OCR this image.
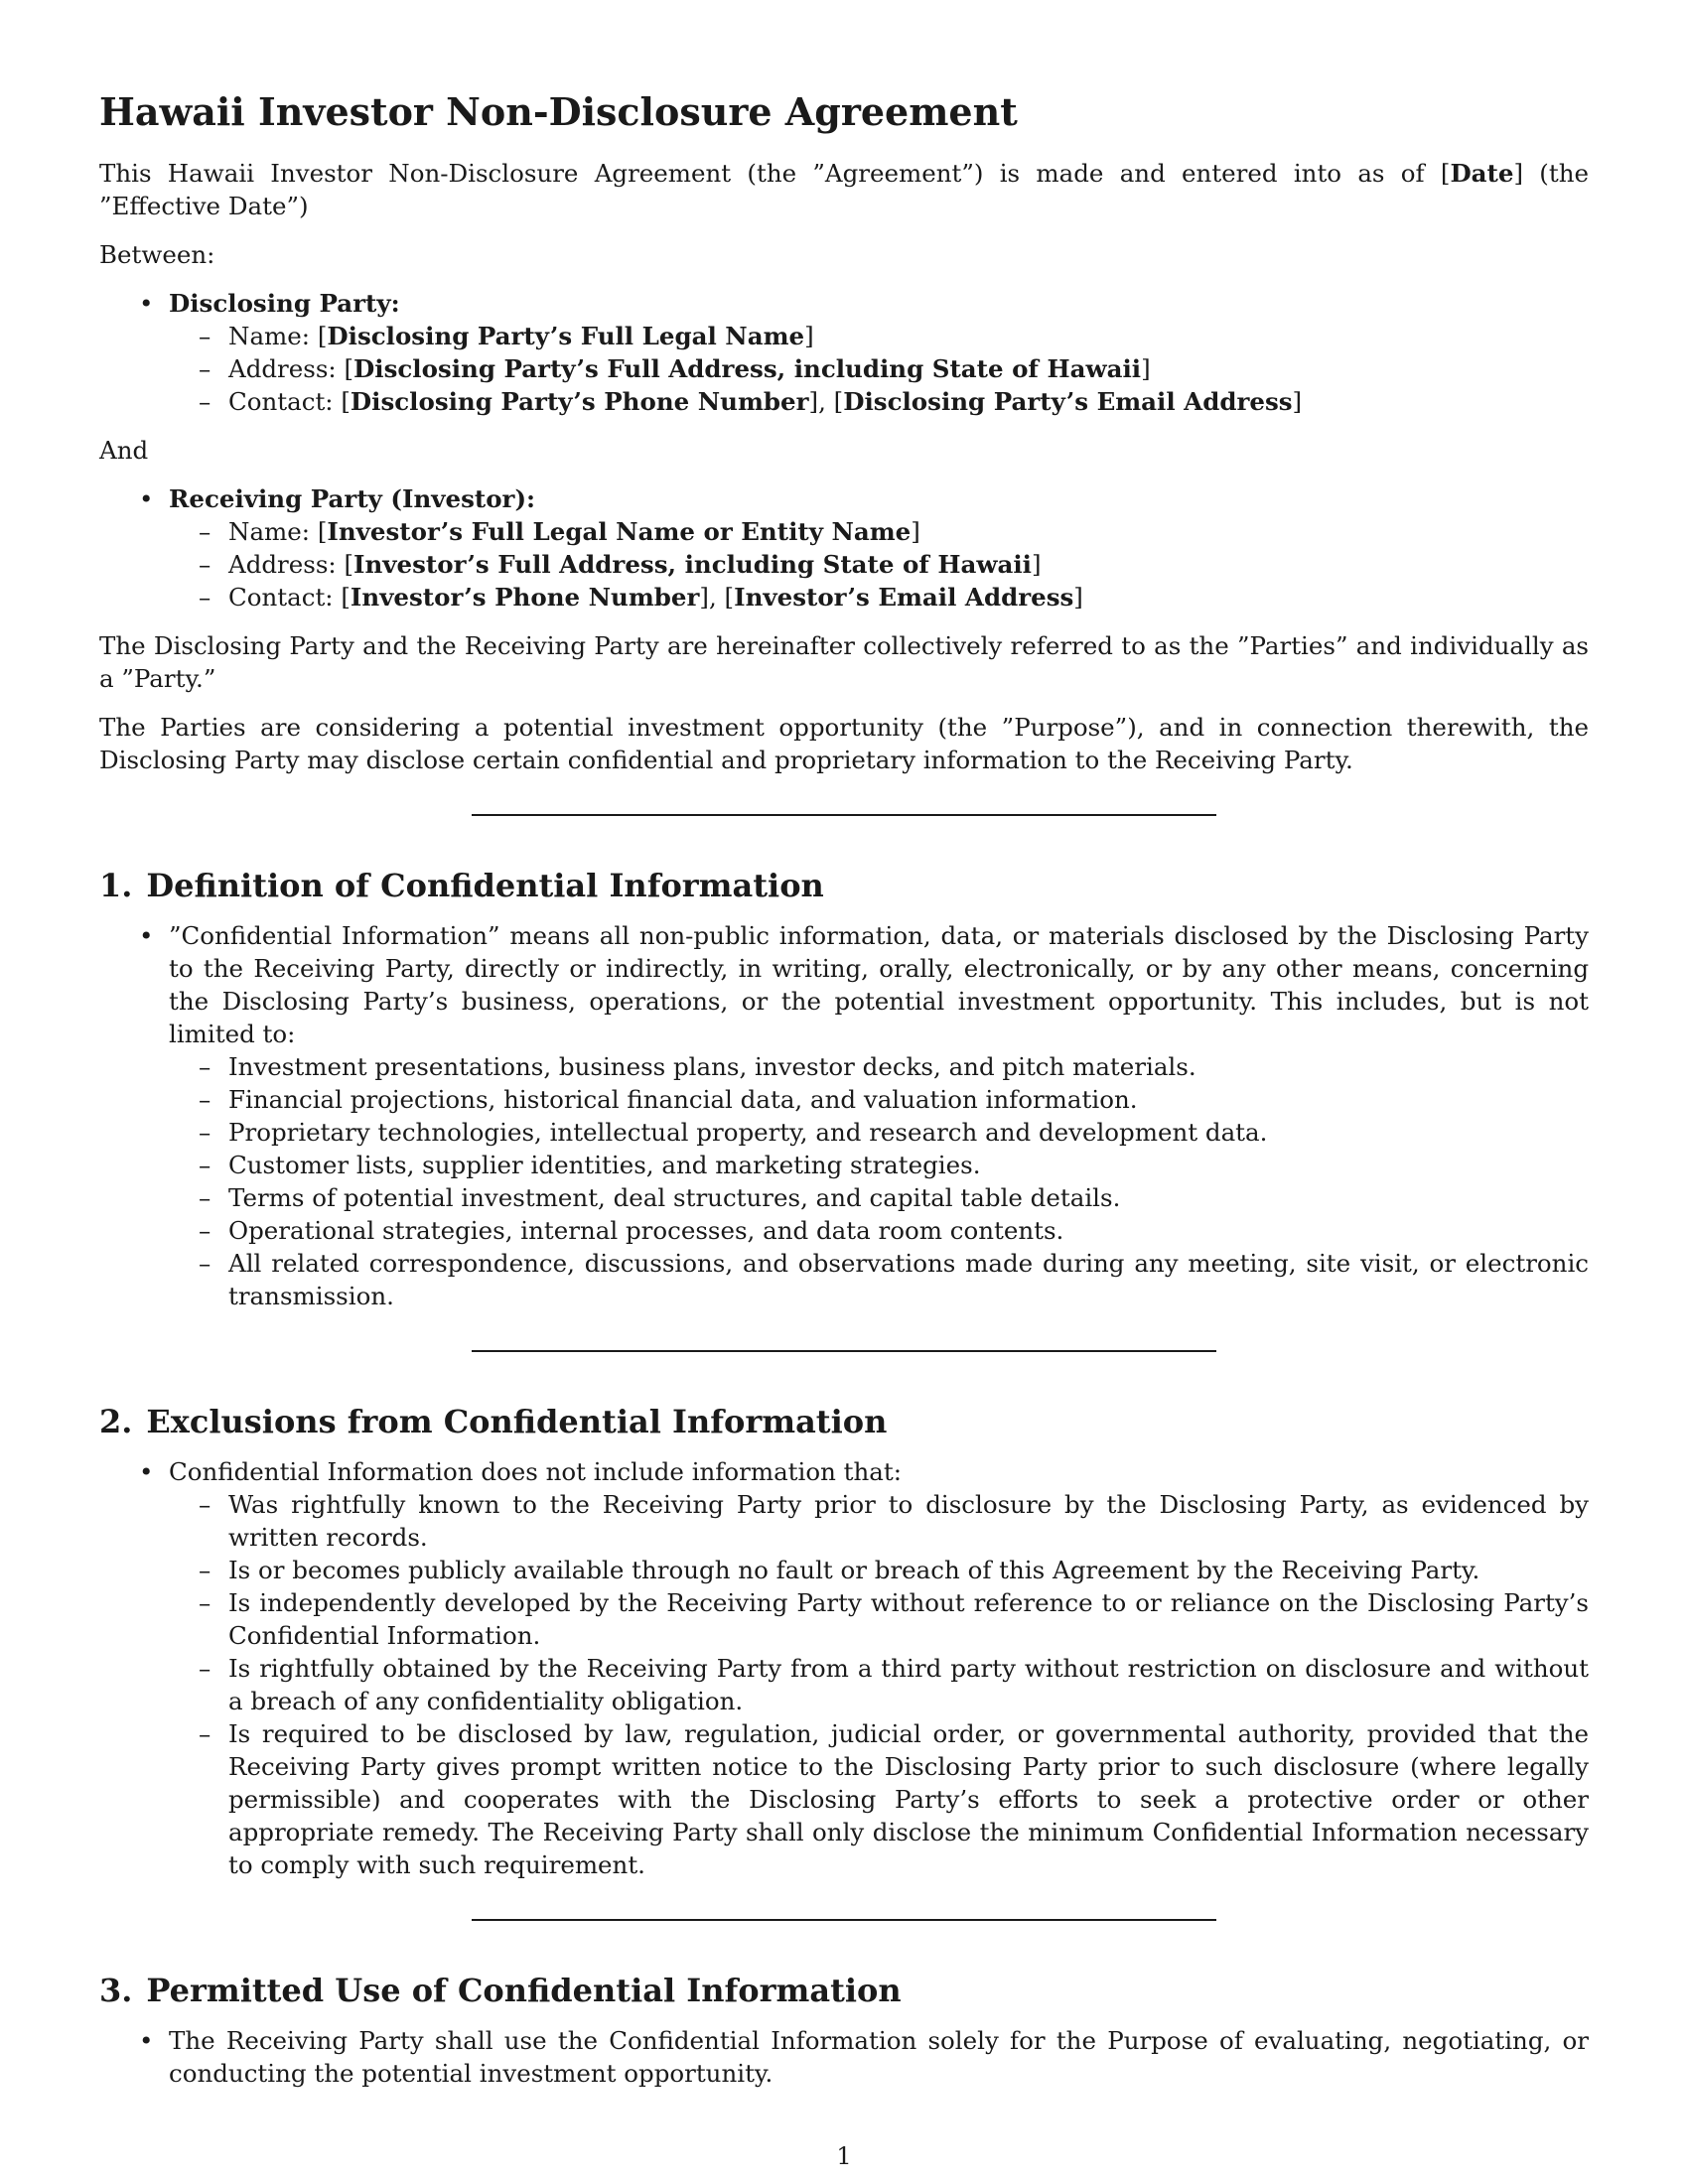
Hawaii Investor Non-Disclosure Agreement

This Hawaii Investor Non-Disclosure Agreement (the ”Agreement”) is made and entered into as of [Date] (the ”Effective Date”)

Between:

• Disclosing Party:
– Name: [Disclosing Party’s Full Legal Name]
– Address: [Disclosing Party’s Full Address, including State of Hawaii]
– Contact: [Disclosing Party’s Phone Number], [Disclosing Party’s Email Address]

And

• Receiving Party (Investor):
– Name: [Investor’s Full Legal Name or Entity Name]
– Address: [Investor’s Full Address, including State of Hawaii]
– Contact: [Investor’s Phone Number], [Investor’s Email Address]

The Disclosing Party and the Receiving Party are hereinafter collectively referred to as the ”Parties” and individually as a ”Party.”

The Parties are considering a potential investment opportunity (the ”Purpose”), and in connection therewith, the Disclosing Party may disclose certain confidential and proprietary information to the Receiving Party.

1. Definition of Confidential Information
• ”Confidential Information” means all non-public information, data, or materials disclosed by the Disclosing Party to the Receiving Party, directly or indirectly, in writing, orally, electronically, or by any other means, concerning the Disclosing Party’s business, operations, or the potential investment opportunity. This includes, but is not limited to:
– Investment presentations, business plans, investor decks, and pitch materials.
– Financial projections, historical financial data, and valuation information.
– Proprietary technologies, intellectual property, and research and development data.
– Customer lists, supplier identities, and marketing strategies.
– Terms of potential investment, deal structures, and capital table details.
– Operational strategies, internal processes, and data room contents.
– All related correspondence, discussions, and observations made during any meeting, site visit, or electronic transmission.
2. Exclusions from Confidential Information
• Confidential Information does not include information that:
– Was rightfully known to the Receiving Party prior to disclosure by the Disclosing Party, as evidenced by written records.
– Is or becomes publicly available through no fault or breach of this Agreement by the Receiving Party.
– Is independently developed by the Receiving Party without reference to or reliance on the Disclosing Party’s Confidential Information.
– Is rightfully obtained by the Receiving Party from a third party without restriction on disclosure and without a breach of any confidentiality obligation.
– Is required to be disclosed by law, regulation, judicial order, or governmental authority, provided that the Receiving Party gives prompt written notice to the Disclosing Party prior to such disclosure (where legally permissible) and cooperates with the Disclosing Party’s efforts to seek a protective order or other appropriate remedy. The Receiving Party shall only disclose the minimum Confidential Information necessary to comply with such requirement.
3. Permitted Use of Confidential Information
• The Receiving Party shall use the Confidential Information solely for the Purpose of evaluating, negotiating, or conducting the potential investment opportunity.
1
